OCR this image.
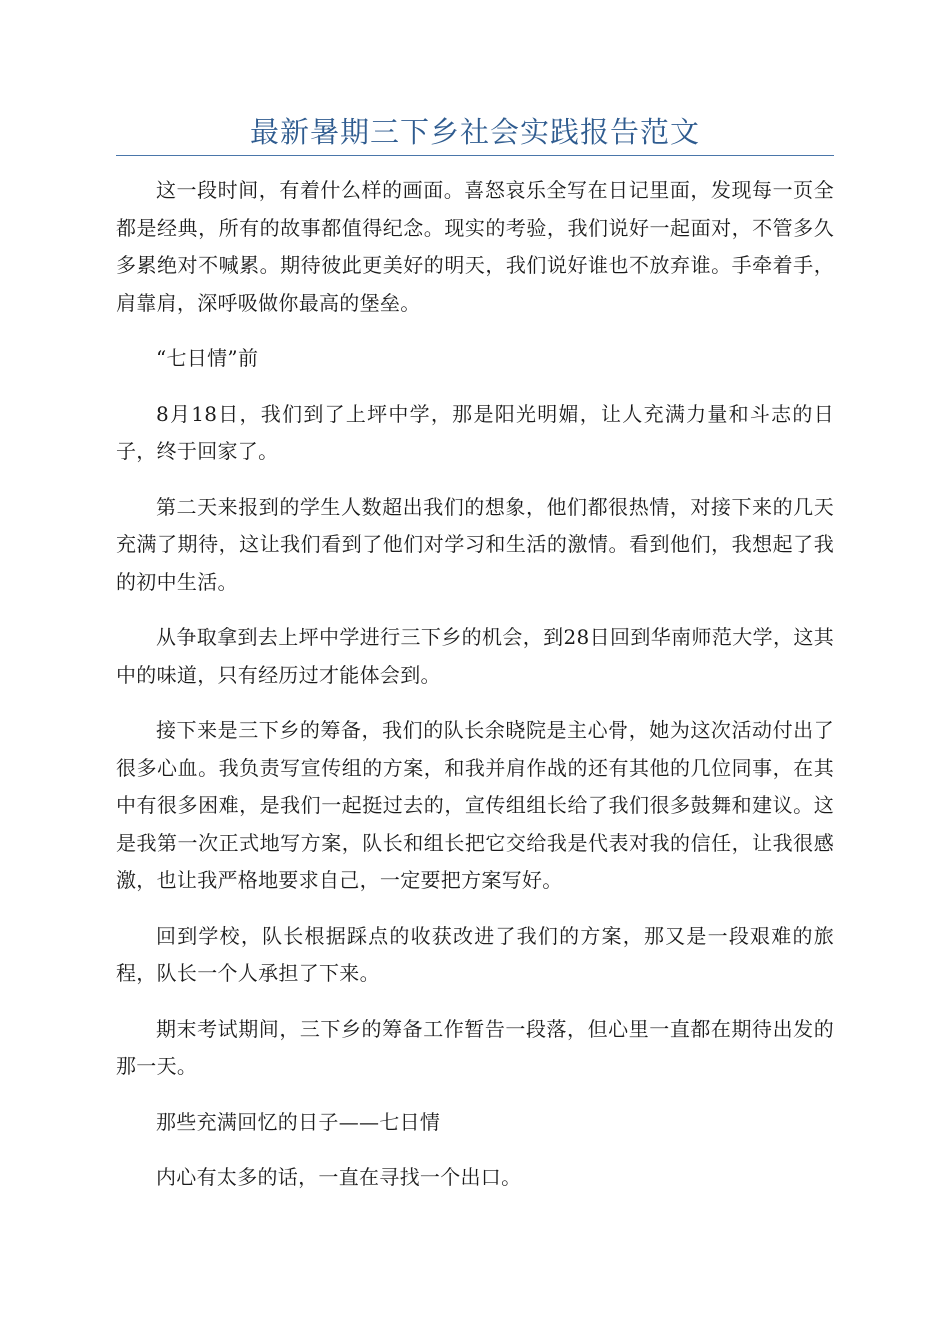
最新暑期三下乡社会实践报告范文

这一段时间，有着什么样的画面。喜怒哀乐全写在日记里面，发现每一页全都是经典，所有的故事都值得纪念。现实的考验，我们说好一起面对，不管多久多累绝对不喊累。期待彼此更美好的明天，我们说好谁也不放弃谁。手牵着手，肩靠肩，深呼吸做你最高的堡垒。

“七日情”前

8月18日，我们到了上坪中学，那是阳光明媚，让人充满力量和斗志的日子，终于回家了。

第二天来报到的学生人数超出我们的想象，他们都很热情，对接下来的几天充满了期待，这让我们看到了他们对学习和生活的激情。看到他们，我想起了我的初中生活。

从争取拿到去上坪中学进行三下乡的机会，到28日回到华南师范大学，这其中的味道，只有经历过才能体会到。

接下来是三下乡的筹备，我们的队长余晓院是主心骨，她为这次活动付出了很多心血。我负责写宣传组的方案，和我并肩作战的还有其他的几位同事，在其中有很多困难，是我们一起挺过去的，宣传组组长给了我们很多鼓舞和建议。这是我第一次正式地写方案，队长和组长把它交给我是代表对我的信任，让我很感激，也让我严格地要求自己，一定要把方案写好。

回到学校，队长根据踩点的收获改进了我们的方案，那又是一段艰难的旅程，队长一个人承担了下来。

期末考试期间，三下乡的筹备工作暂告一段落，但心里一直都在期待出发的那一天。

那些充满回忆的日子——七日情

内心有太多的话，一直在寻找一个出口。
